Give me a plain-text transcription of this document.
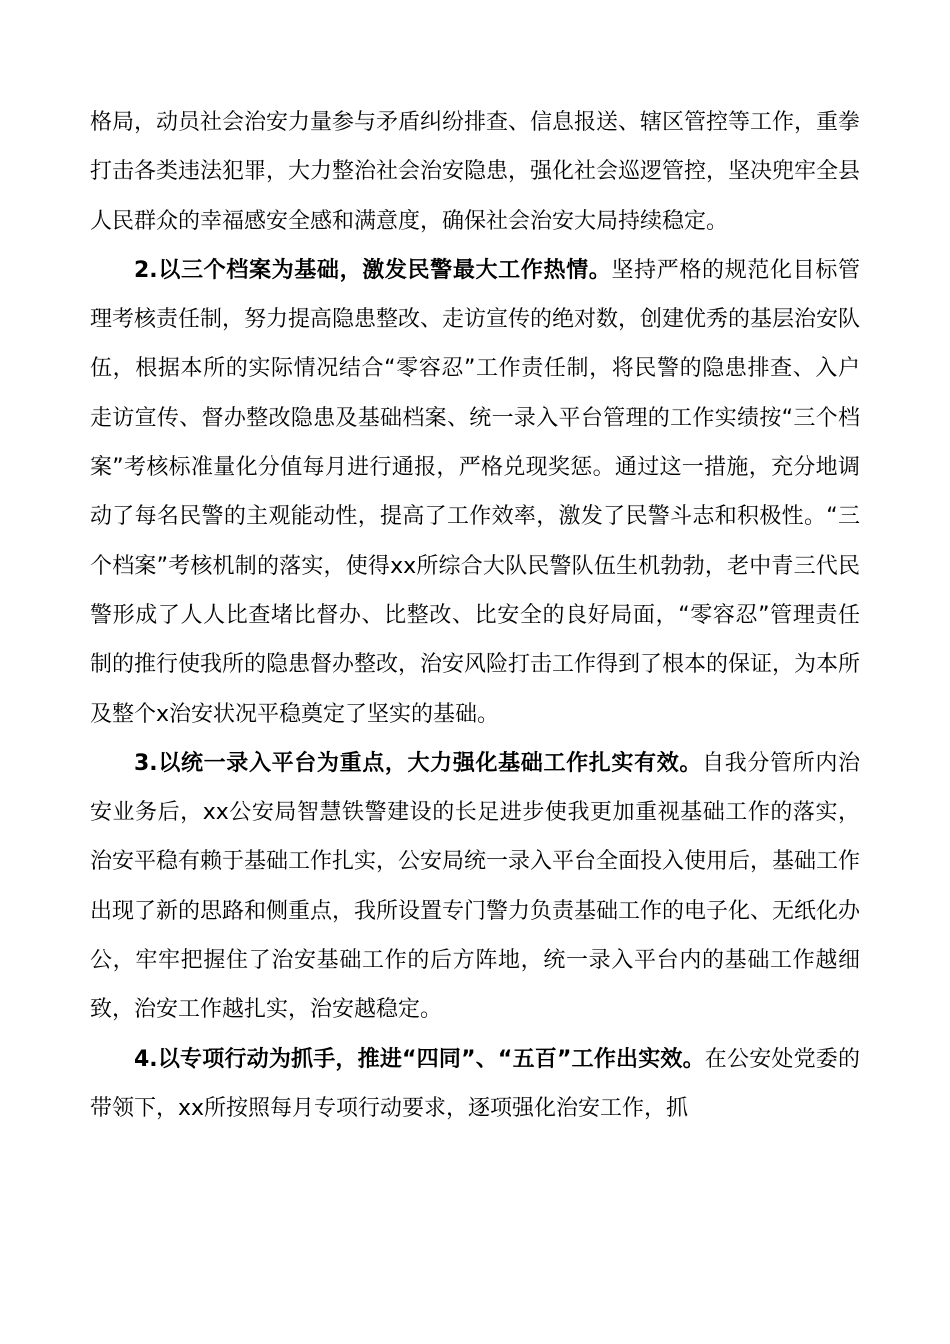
格局，动员社会治安力量参与矛盾纠纷排查、信息报送、辖区管控等工作，重拳打击各类违法犯罪，大力整治社会治安隐患，强化社会巡逻管控，坚决兜牢全县人民群众的幸福感安全感和满意度，确保社会治安大局持续稳定。

2.以三个档案为基础，激发民警最大工作热情。坚持严格的规范化目标管理考核责任制，努力提高隐患整改、走访宣传的绝对数，创建优秀的基层治安队伍，根据本所的实际情况结合“零容忍”工作责任制，将民警的隐患排查、入户走访宣传、督办整改隐患及基础档案、统一录入平台管理的工作实绩按“三个档案”考核标准量化分值每月进行通报，严格兑现奖惩。通过这一措施，充分地调动了每名民警的主观能动性，提高了工作效率，激发了民警斗志和积极性。“三个档案”考核机制的落实，使得xx所综合大队民警队伍生机勃勃，老中青三代民警形成了人人比查堵比督办、比整改、比安全的良好局面，“零容忍”管理责任制的推行使我所的隐患督办整改，治安风险打击工作得到了根本的保证，为本所及整个x治安状况平稳奠定了坚实的基础。

3.以统一录入平台为重点，大力强化基础工作扎实有效。自我分管所内治安业务后，xx公安局智慧铁警建设的长足进步使我更加重视基础工作的落实，治安平稳有赖于基础工作扎实，公安局统一录入平台全面投入使用后，基础工作出现了新的思路和侧重点，我所设置专门警力负责基础工作的电子化、无纸化办公，牢牢把握住了治安基础工作的后方阵地，统一录入平台内的基础工作越细致，治安工作越扎实，治安越稳定。

4.以专项行动为抓手，推进“四同”、“五百”工作出实效。在公安处党委的带领下，xx所按照每月专项行动要求，逐项强化治安工作，抓
